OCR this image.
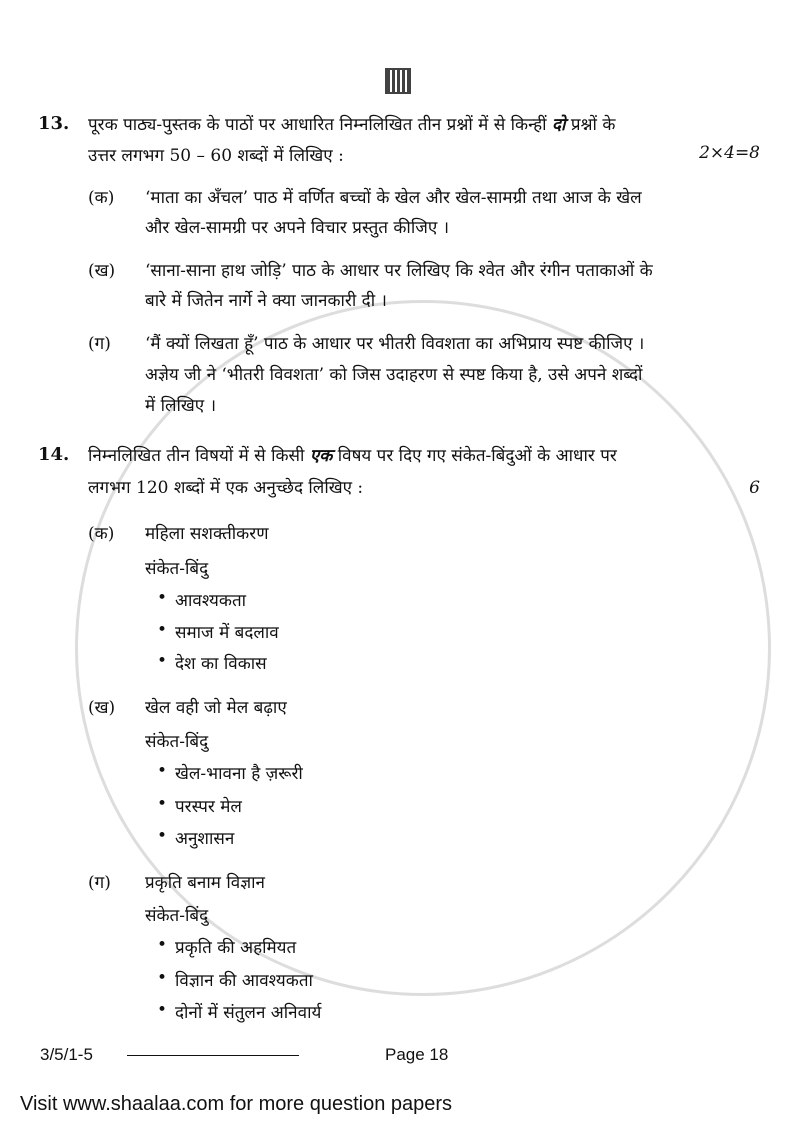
13. पूरक पाठ्य-पुस्तक के पाठों पर आधारित निम्नलिखित तीन प्रश्नों में से किन्हीं दो प्रश्नों के
उत्तर लगभग 50 – 60 शब्दों में लिखिए :	2×4=8
(क) ‘माता का अँचल’ पाठ में वर्णित बच्चों के खेल और खेल-सामग्री तथा आज के खेल
और खेल-सामग्री पर अपने विचार प्रस्तुत कीजिए ।
(ख) ‘साना-साना हाथ जोड़ि’ पाठ के आधार पर लिखिए कि श्वेत और रंगीन पताकाओं के
बारे में जितेन नार्गे ने क्या जानकारी दी ।
(ग) ‘मैं क्यों लिखता हूँ’ पाठ के आधार पर भीतरी विवशता का अभिप्राय स्पष्ट कीजिए ।
अज्ञेय जी ने ‘भीतरी विवशता’ को जिस उदाहरण से स्पष्ट किया है, उसे अपने शब्दों
में लिखिए ।
14. निम्नलिखित तीन विषयों में से किसी एक विषय पर दिए गए संकेत-बिंदुओं के आधार पर
लगभग 120 शब्दों में एक अनुच्छेद लिखिए :	6
(क) महिला सशक्तीकरण
संकेत-बिंदु
• आवश्यकता
• समाज में बदलाव
• देश का विकास
(ख) खेल वही जो मेल बढ़ाए
संकेत-बिंदु
• खेल-भावना है ज़रूरी
• परस्पर मेल
• अनुशासन
(ग) प्रकृति बनाम विज्ञान
संकेत-बिंदु
• प्रकृति की अहमियत
• विज्ञान की आवश्यकता
• दोनों में संतुलन अनिवार्य
3/5/1-5	Page 18
Visit www.shaalaa.com for more question papers
